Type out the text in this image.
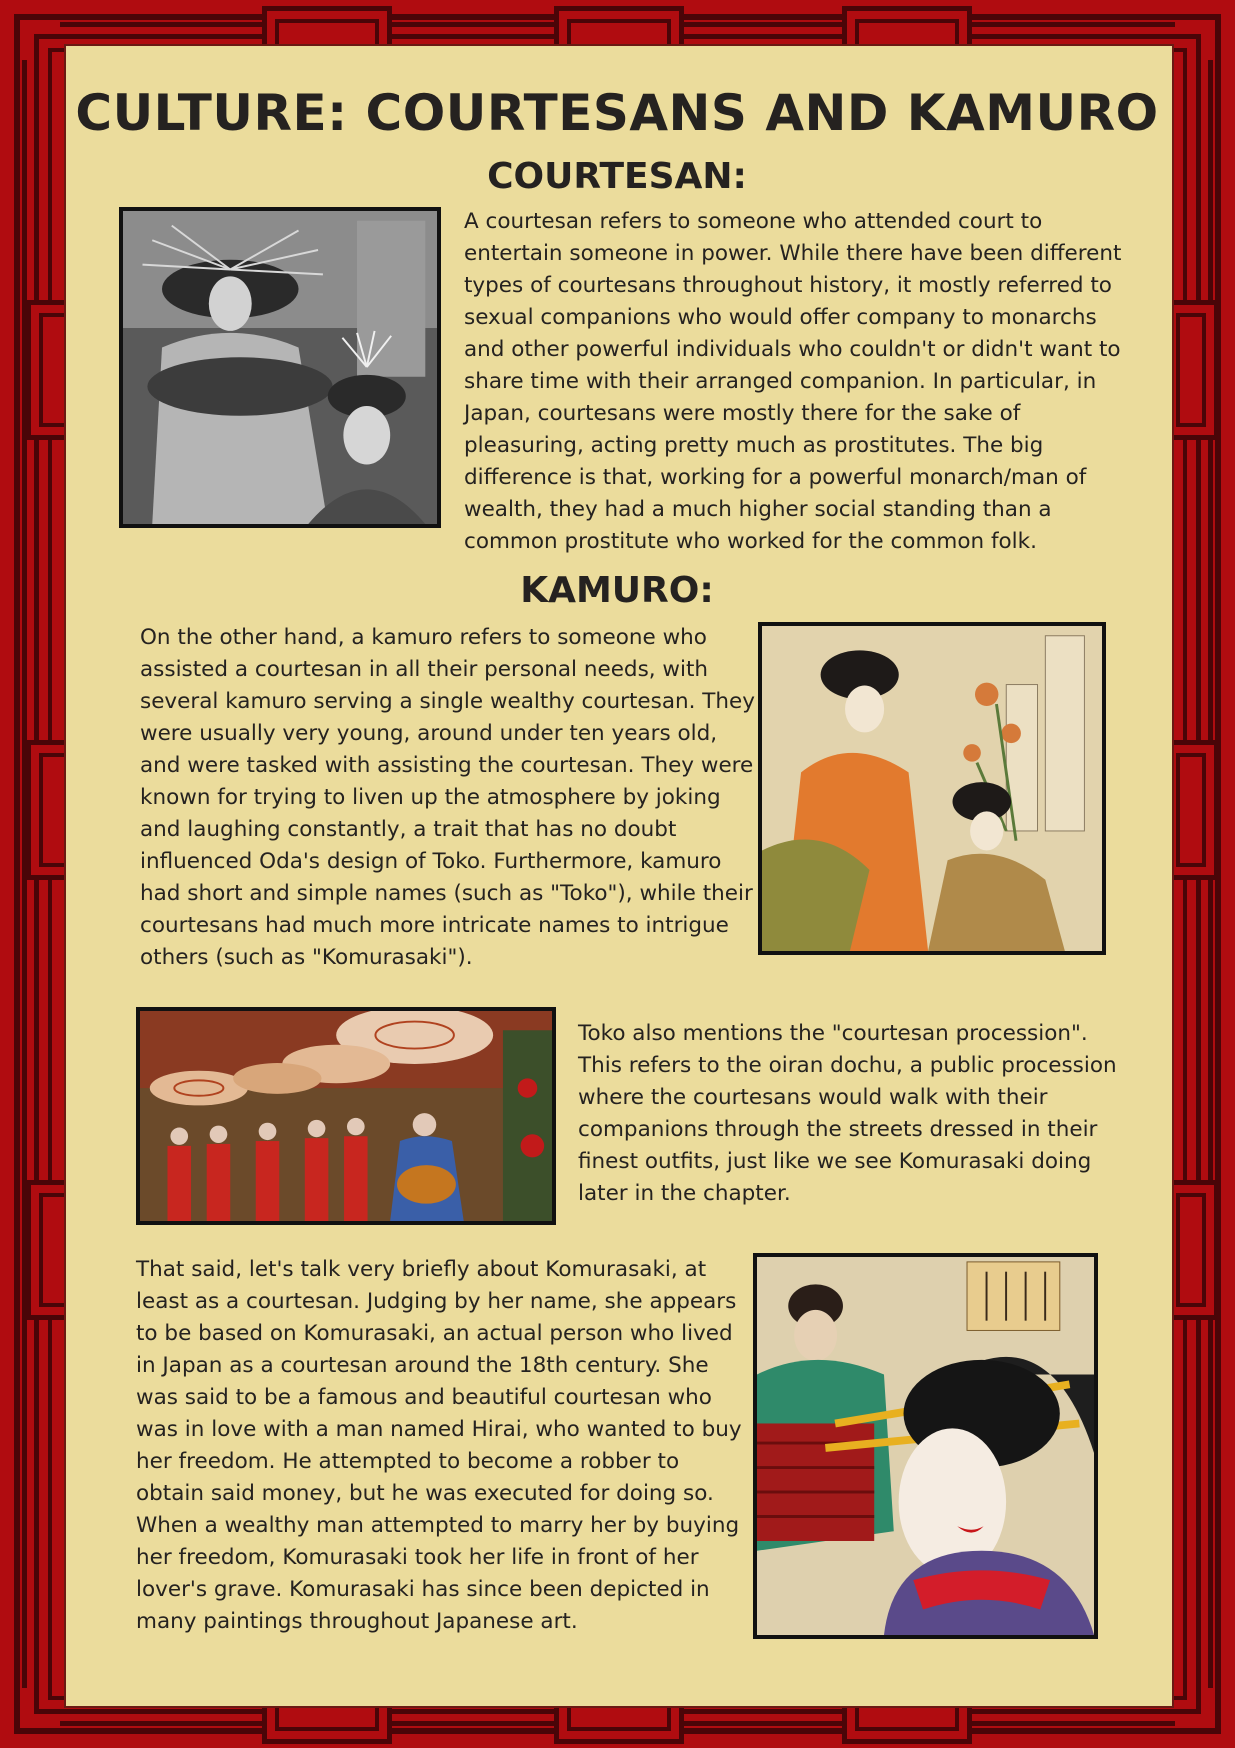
CULTURE: COURTESANS AND KAMURO
COURTESAN:

A courtesan refers to someone who attended court to entertain someone in power. While there have been different types of courtesans throughout history, it mostly referred to sexual companions who would offer company to monarchs and other powerful individuals who couldn't or didn't want to share time with their arranged companion. In particular, in Japan, courtesans were mostly there for the sake of pleasuring, acting pretty much as prostitutes. The big difference is that, working for a powerful monarch/man of wealth, they had a much higher social standing than a common prostitute who worked for the common folk.

KAMURO:

On the other hand, a kamuro refers to someone who assisted a courtesan in all their personal needs, with several kamuro serving a single wealthy courtesan. They were usually very young, around under ten years old, and were tasked with assisting the courtesan. They were known for trying to liven up the atmosphere by joking and laughing constantly, a trait that has no doubt influenced Oda's design of Toko. Furthermore, kamuro had short and simple names (such as "Toko"), while their courtesans had much more intricate names to intrigue others (such as "Komurasaki").

Toko also mentions the "courtesan procession". This refers to the oiran dochu, a public procession where the courtesans would walk with their companions through the streets dressed in their finest outfits, just like we see Komurasaki doing later in the chapter.

That said, let's talk very briefly about Komurasaki, at least as a courtesan. Judging by her name, she appears to be based on Komurasaki, an actual person who lived in Japan as a courtesan around the 18th century. She was said to be a famous and beautiful courtesan who was in love with a man named Hirai, who wanted to buy her freedom. He attempted to become a robber to obtain said money, but he was executed for doing so. When a wealthy man attempted to marry her by buying her freedom, Komurasaki took her life in front of her lover's grave. Komurasaki has since been depicted in many paintings throughout Japanese art.
